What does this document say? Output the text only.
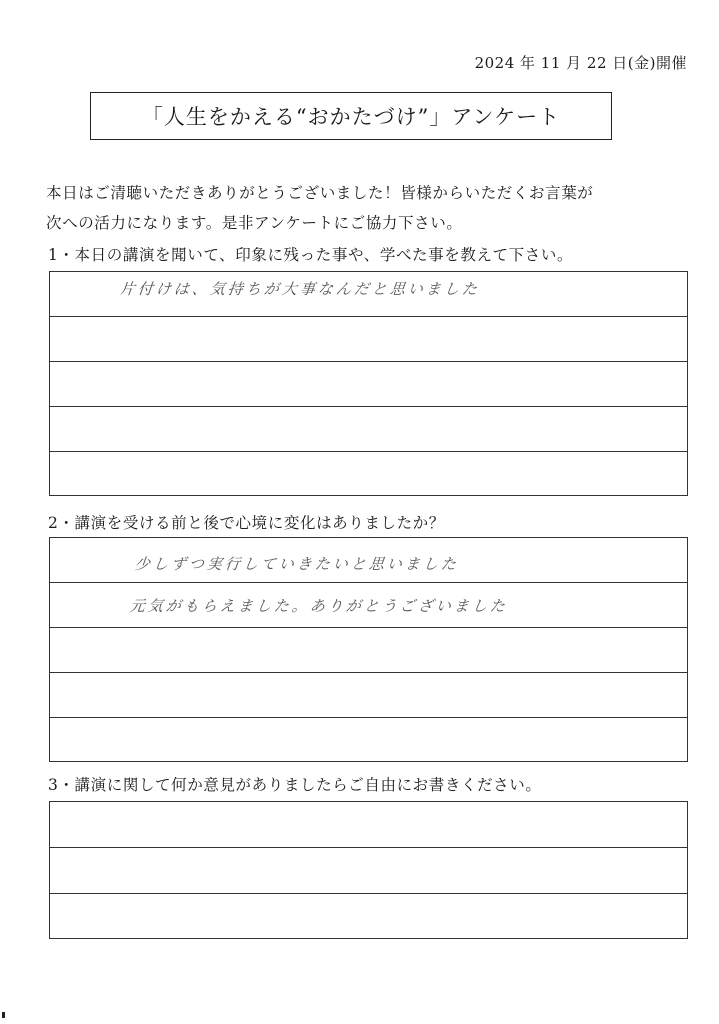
2024 年 11 月 22 日(金)開催
「人生をかえる“おかたづけ”」アンケート
本日はご清聴いただきありがとうございました！皆様からいただくお言葉が
次への活力になります。是非アンケートにご協力下さい。
1・本日の講演を聞いて、印象に残った事や、学べた事を教えて下さい。
片付けは、気持ちが大事なんだと思いました
2・講演を受ける前と後で心境に変化はありましたか？
少しずつ実行していきたいと思いました
元気がもらえました。ありがとうございました
3・講演に関して何か意見がありましたらご自由にお書きください。
